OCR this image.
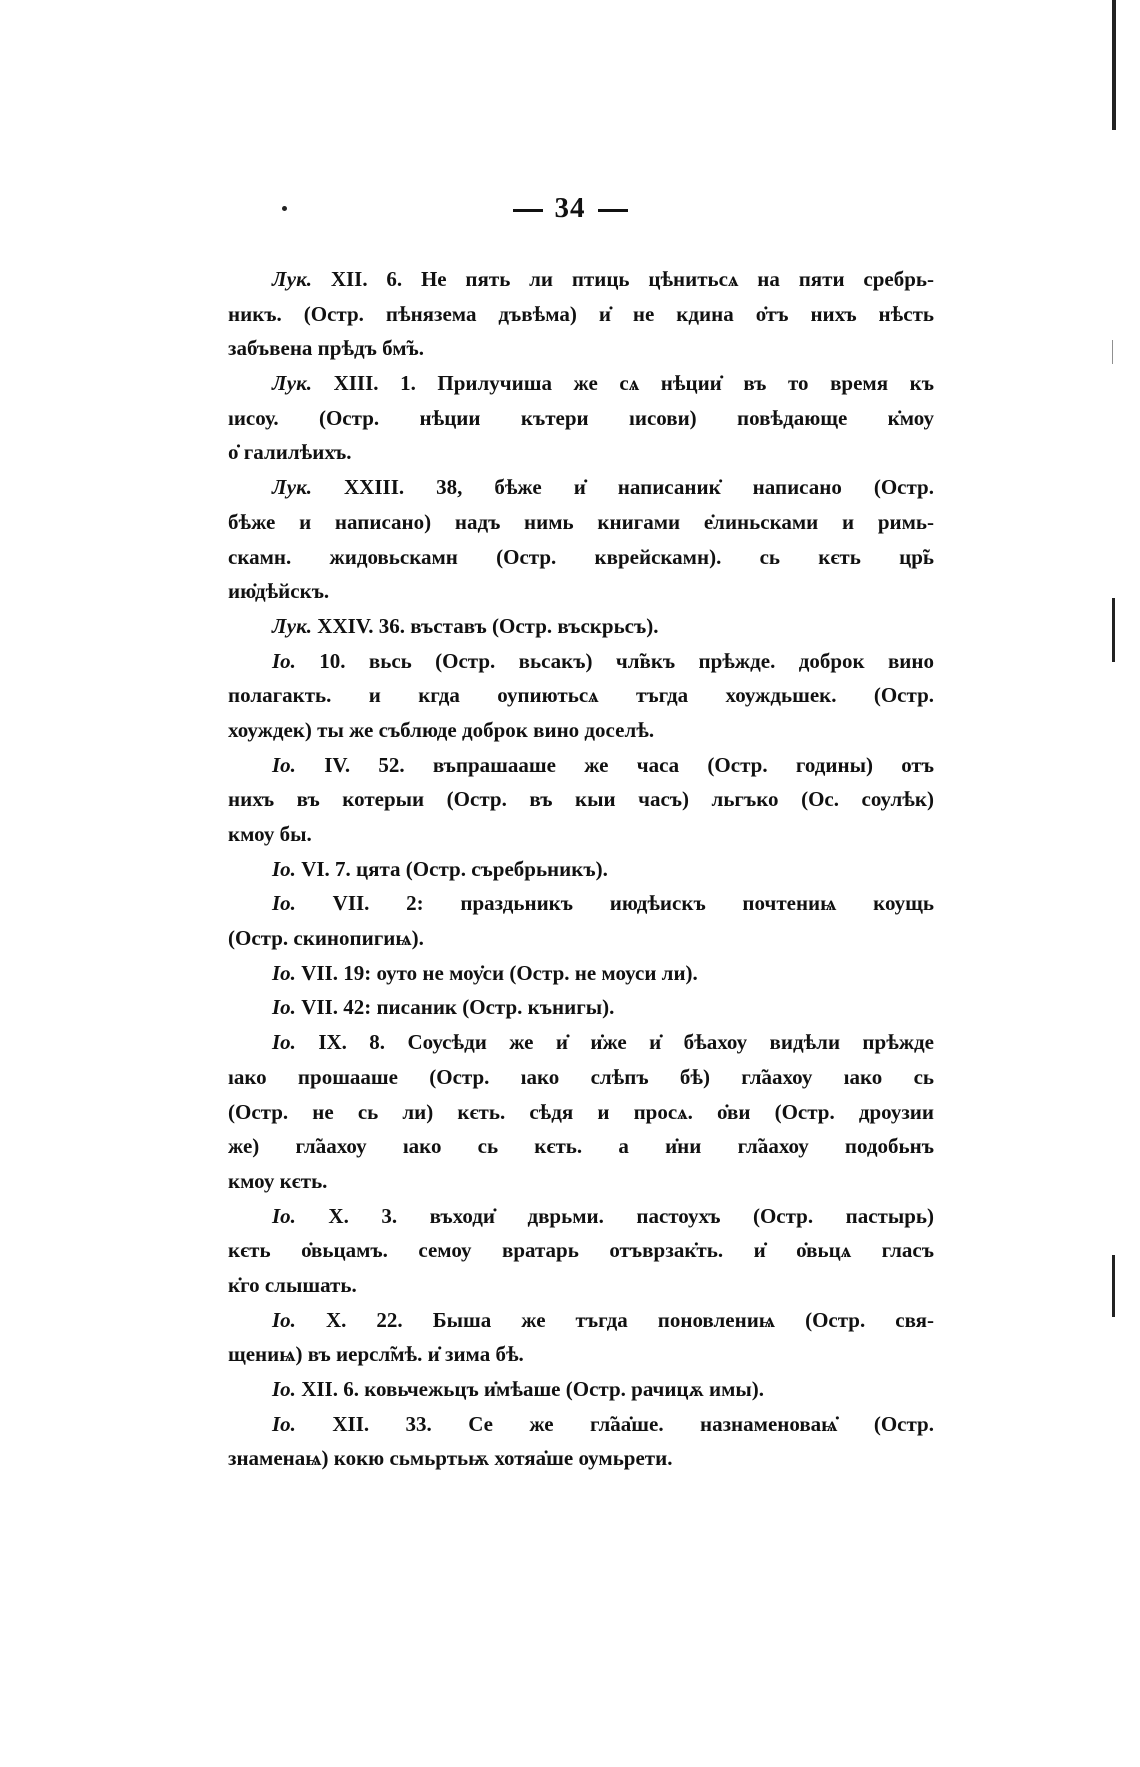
34
Лук. XII. 6. Не пять ли птиць цѣнитьсѧ на пяти сребрь-
никъ. (Остр. пѣнязема дъвѣма) и̇ не кдина о̇тъ нихъ нѣсть
забъвена прѣдъ бм̃ъ.
Лук. XIII. 1. Прилучиша же сѧ нѣции̇ въ то время къ
ıисоу. (Остр. нѣции кътери ıисови) повѣдающе к̇моу
о̇ галилѣихъ.
Лук. XXIII. 38, бѣже и̇ написаник̇ написано (Остр.
бѣже и написано) надъ нимь книгами е̇линьсками и римь-
скамн. жидовьскамн (Остр. кврейскамн). сь кєть цр̃ь
ию̇дѣйскъ.
Лук. XXIV. 36. въставъ (Остр. въскрьсъ).
Іо. 10. вьсь (Остр. вьсакъ) чл̃вкъ прѣжде. доброк вино
полагакть. и кгда оупиютьсѧ тъгда хоуждьшек. (Остр.
хоуждек) ты же съблюде доброк вино доселѣ.
Іо. IV. 52. въпрашааше же часа (Остр. годины) отъ
нихъ въ котерыи (Остр. въ кыи часъ) льгъко (Ос. соулѣк)
кмоу бы.
Іо. VI. 7. цята (Остр. сърeбрьникъ).
Іо. VII. 2: праздьникъ июдѣискъ почтениѩ коущь
(Остр. скинопигиѩ).
Іо. VII. 19: оуто не моу̇си (Остр. не моуси ли).
Іо. VII. 42: писаник (Остр. кънигы).
Іо. IX. 8. Соусѣди же и̇ и̇же и̇ бѣахоу видѣли прѣжде
ıако прошааше (Остр. ıако слѣпъ бѣ) гл̃аахоу ıако сь
(Остр. не сь ли) кєть. сѣдя и просѧ. о̇ви (Остр. дроузии
же) гл̃аахоу ıако сь кєть. а и̇ни гл̃аахоу подобьнъ
кмоу кєть.
Іо. X. 3. въходи̇ дврьми. пастоухъ (Остр. пастырь)
кєть о̇вьцамъ. семоу вратарь отъврзак̇ть. и̇ о̇вьцѧ гласъ
к̇го слышать.
Іо. X. 22. Быша же тъгда поновлениѩ (Остр. свя-
щениѩ) въ иерсл̃мѣ. и̇ зима бѣ.
Іо. XII. 6. ковьчежьцъ и̇мѣаше (Остр. рачицѫ имы).
Іо. XII. 33. Се же гл̃аа̇ше. назнаменоваѩ̇ (Остр.
знаменаѩ) кокю сьмьртьѭ хотяа̇ше оумьрети.
